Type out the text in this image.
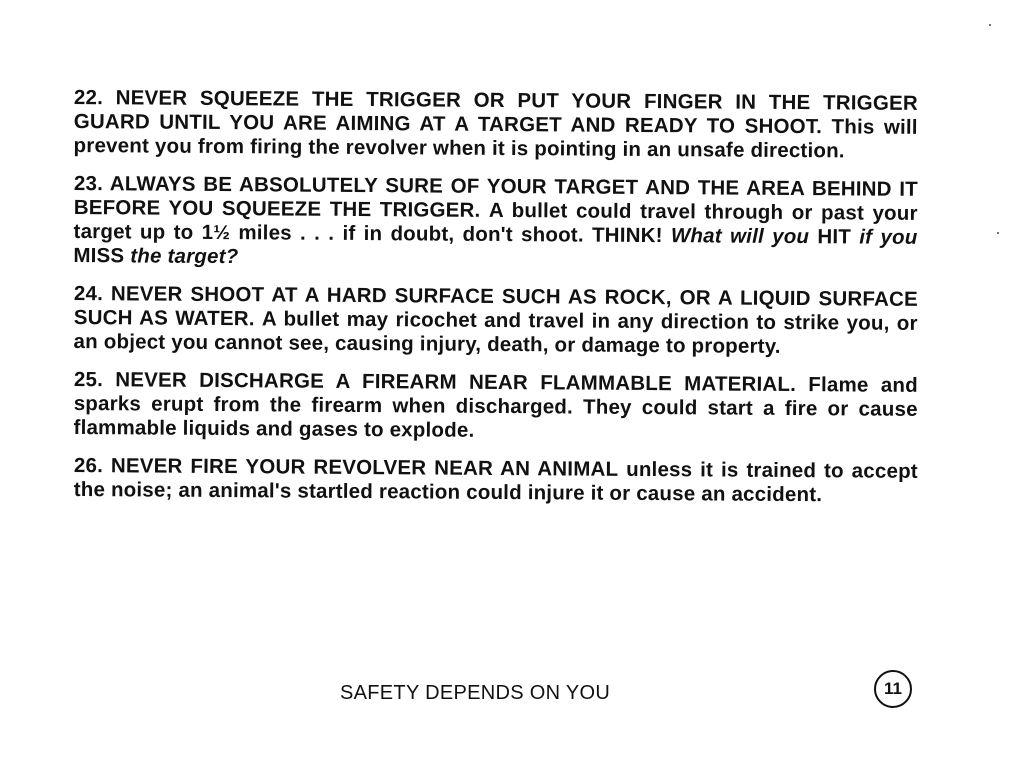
22. NEVER SQUEEZE THE TRIGGER OR PUT YOUR FINGER IN THE TRIGGER GUARD UNTIL YOU ARE AIMING AT A TARGET AND READY TO SHOOT. This will prevent you from firing the revolver when it is pointing in an unsafe direction.

23. ALWAYS BE ABSOLUTELY SURE OF YOUR TARGET AND THE AREA BEHIND IT BEFORE YOU SQUEEZE THE TRIGGER. A bullet could travel through or past your target up to 1½ miles . . . if in doubt, don't shoot. THINK! What will you HIT if you MISS the target?

24. NEVER SHOOT AT A HARD SURFACE SUCH AS ROCK, OR A LIQUID SURFACE SUCH AS WATER. A bullet may ricochet and travel in any direction to strike you, or an object you cannot see, causing injury, death, or damage to property.

25. NEVER DISCHARGE A FIREARM NEAR FLAMMABLE MATERIAL. Flame and sparks erupt from the firearm when discharged. They could start a fire or cause flammable liquids and gases to explode.

26. NEVER FIRE YOUR REVOLVER NEAR AN ANIMAL unless it is trained to accept the noise; an animal's startled reaction could injure it or cause an accident.

SAFETY DEPENDS ON YOU	11
